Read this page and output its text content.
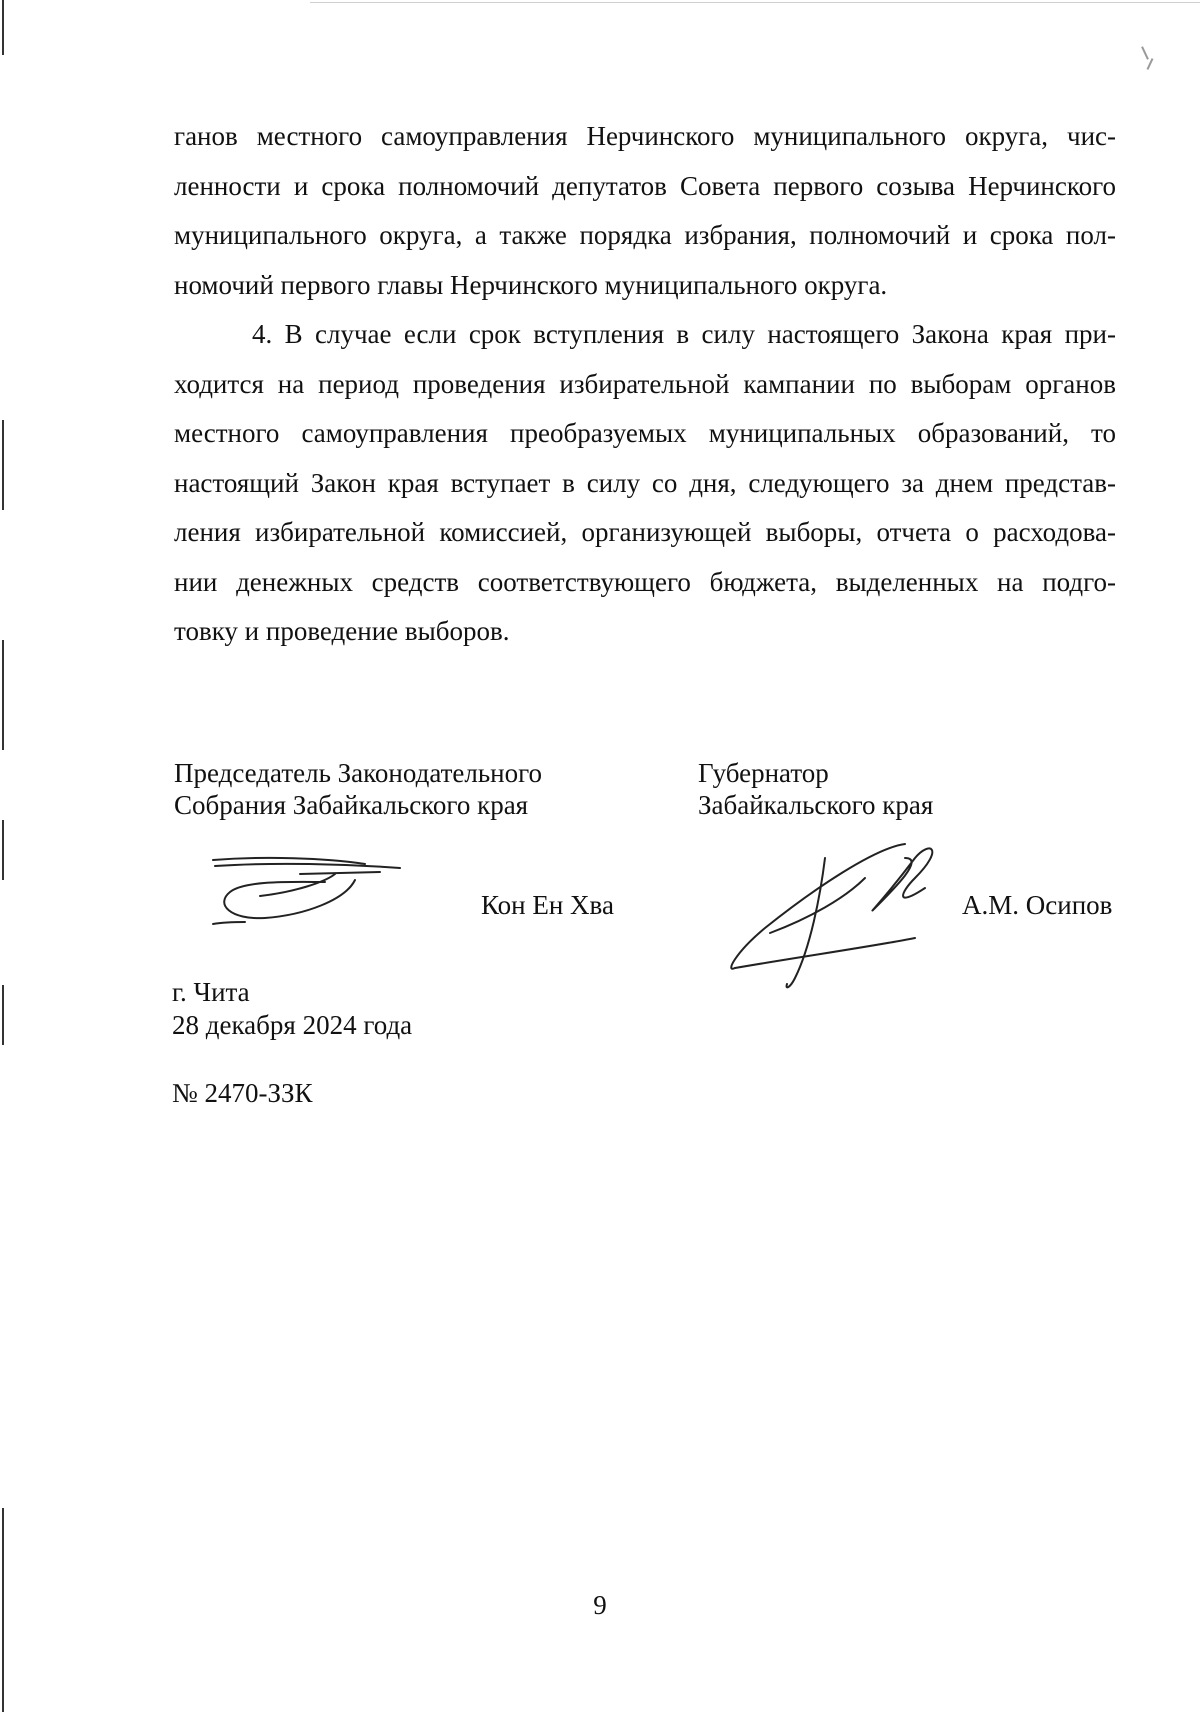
ганов местного самоуправления Нерчинского муниципального округа, чис-
ленности и срока полномочий депутатов Совета первого созыва Нерчинского
муниципального округа, а также порядка избрания, полномочий и срока пол-
номочий первого главы Нерчинского муниципального округа.
4. В случае если срок вступления в силу настоящего Закона края при-
ходится на период проведения избирательной кампании по выборам органов
местного самоуправления преобразуемых муниципальных образований, то
настоящий Закон края вступает в силу со дня, следующего за днем представ-
ления избирательной комиссией, организующей выборы, отчета о расходова-
нии денежных средств соответствующего бюджета, выделенных на подго-
товку и проведение выборов.
Председатель Законодательного
Собрания Забайкальского края
Кон Ен Хва
Губернатор
Забайкальского края
А.М. Осипов
г. Чита
28 декабря 2024 года
№ 2470-ЗЗК
9
